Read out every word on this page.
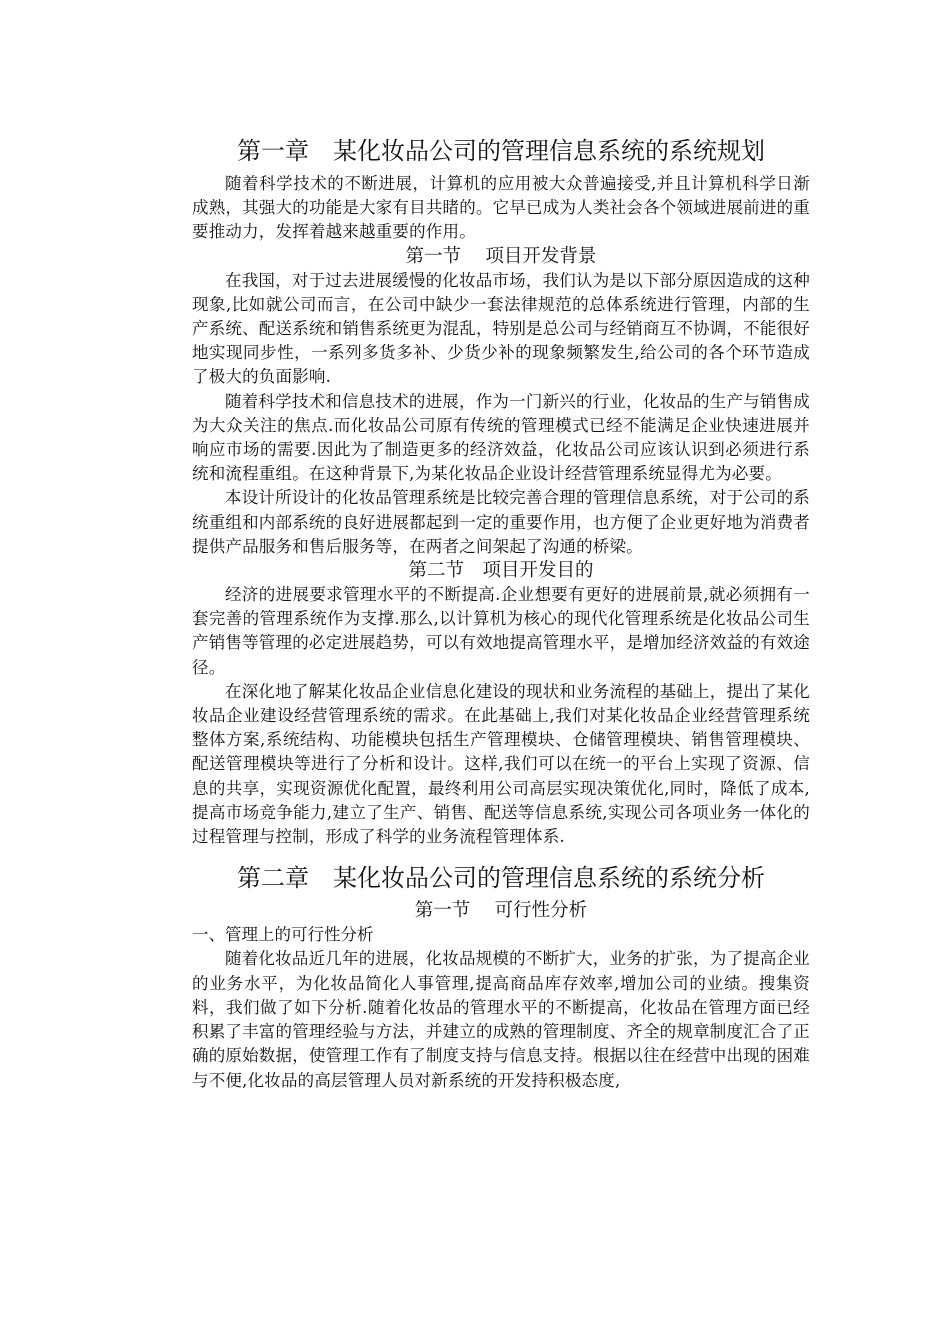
第一章　某化妆品公司的管理信息系统的系统规划

随着科学技术的不断进展，计算机的应用被大众普遍接受,并且计算机科学日渐成熟，其强大的功能是大家有目共睹的。它早已成为人类社会各个领域进展前进的重要推动力，发挥着越来越重要的作用。

第一节　 项目开发背景

在我国，对于过去进展缓慢的化妆品市场，我们认为是以下部分原因造成的这种现象,比如就公司而言，在公司中缺少一套法律规范的总体系统进行管理，内部的生产系统、配送系统和销售系统更为混乱，特别是总公司与经销商互不协调，不能很好地实现同步性，一系列多货多补、少货少补的现象频繁发生,给公司的各个环节造成了极大的负面影响.

随着科学技术和信息技术的进展，作为一门新兴的行业，化妆品的生产与销售成为大众关注的焦点.而化妆品公司原有传统的管理模式已经不能满足企业快速进展并响应市场的需要.因此为了制造更多的经济效益，化妆品公司应该认识到必须进行系统和流程重组。在这种背景下,为某化妆品企业设计经营管理系统显得尤为必要。

本设计所设计的化妆品管理系统是比较完善合理的管理信息系统，对于公司的系统重组和内部系统的良好进展都起到一定的重要作用，也方便了企业更好地为消费者提供产品服务和售后服务等，在两者之间架起了沟通的桥梁。

第二节　项目开发目的

经济的进展要求管理水平的不断提高.企业想要有更好的进展前景,就必须拥有一套完善的管理系统作为支撑.那么,以计算机为核心的现代化管理系统是化妆品公司生产销售等管理的必定进展趋势，可以有效地提高管理水平，是增加经济效益的有效途径。

在深化地了解某化妆品企业信息化建设的现状和业务流程的基础上，提出了某化妆品企业建设经营管理系统的需求。在此基础上,我们对某化妆品企业经营管理系统整体方案,系统结构、功能模块包括生产管理模块、仓储管理模块、销售管理模块、配送管理模块等进行了分析和设计。这样,我们可以在统一的平台上实现了资源、信息的共享，实现资源优化配置，最终利用公司高层实现决策优化,同时，降低了成本,提高市场竞争能力,建立了生产、销售、配送等信息系统,实现公司各项业务一体化的过程管理与控制，形成了科学的业务流程管理体系.

第二章　某化妆品公司的管理信息系统的系统分析
第一节　 可行性分析

一、管理上的可行性分析

随着化妆品近几年的进展，化妆品规模的不断扩大，业务的扩张，为了提高企业的业务水平，为化妆品简化人事管理,提高商品库存效率,增加公司的业绩。搜集资料，我们做了如下分析.随着化妆品的管理水平的不断提高，化妆品在管理方面已经积累了丰富的管理经验与方法，并建立的成熟的管理制度、齐全的规章制度汇合了正确的原始数据，使管理工作有了制度支持与信息支持。根据以往在经营中出现的困难与不便,化妆品的高层管理人员对新系统的开发持积极态度,
